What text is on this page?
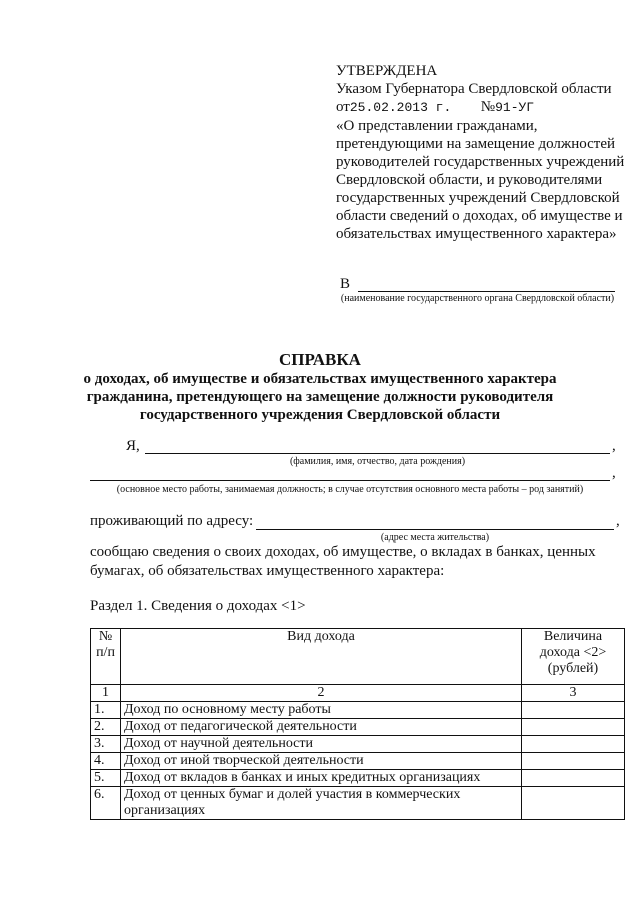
УТВЕРЖДЕНА
Указом Губернатора Свердловской области
от25.02.2013 г. №91-УГ
«О представлении гражданами,
претендующими на замещение должностей
руководителей государственных учреждений
Свердловской области, и руководителями
государственных учреждений Свердловской
области сведений о доходах, об имуществе и
обязательствах имущественного характера»
В
(наименование государственного органа Свердловской области)
СПРАВКА
о доходах, об имуществе и обязательствах имущественного характера
гражданина, претендующего на замещение должности руководителя
государственного учреждения Свердловской области
Я,	,
(фамилия, имя, отчество, дата рождения)
,
(основное место работы, занимаемая должность; в случае отсутствия основного места работы – род занятий)
проживающий по адресу:	,
(адрес места жительства)
сообщаю сведения о своих доходах, об имуществе, о вкладах в банках, ценных
бумагах, об обязательствах имущественного характера:
Раздел 1. Сведения о доходах <1>
№ п/п	Вид дохода	Величина
дохода <2>
(рублей)

1	2	3
1.	Доход по основному месту работы	
2.	Доход от педагогической деятельности	
3.	Доход от научной деятельности	
4.	Доход от иной творческой деятельности	
5.	Доход от вкладов в банках и иных кредитных организациях	
6.	Доход от ценных бумаг и долей участия в коммерческих организациях	
